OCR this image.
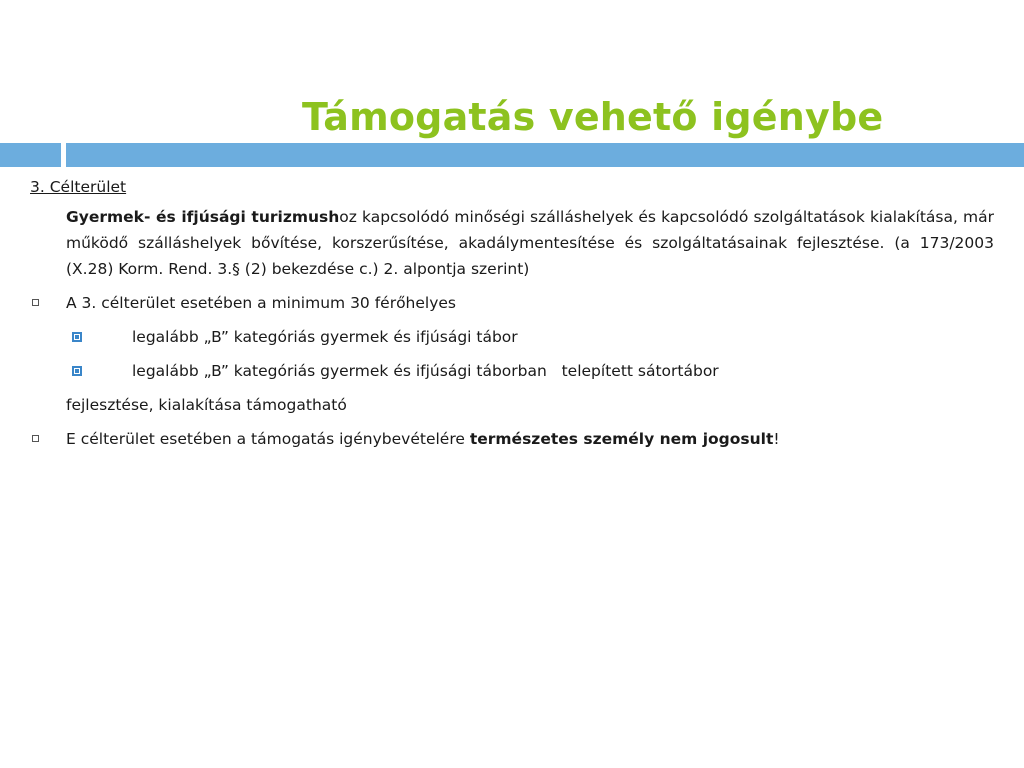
Támogatás vehető igénybe
3. Célterület
Gyermek- és ifjúsági turizmushoz kapcsolódó minőségi szálláshelyek és kapcsolódó szolgáltatások kialakítása, már működő szálláshelyek bővítése, korszerűsítése, akadálymentesítése és szolgáltatásainak fejlesztése. (a 173/2003 (X.28) Korm. Rend. 3.§ (2) bekezdése c.) 2. alpontja szerint)
A 3. célterület esetében a minimum 30 férőhelyes
legalább „B” kategóriás gyermek és ifjúsági tábor
legalább „B” kategóriás gyermek és ifjúsági táborban   telepített sátortábor
fejlesztése, kialakítása támogatható
E célterület esetében a támogatás igénybevételére természetes személy nem jogosult!
